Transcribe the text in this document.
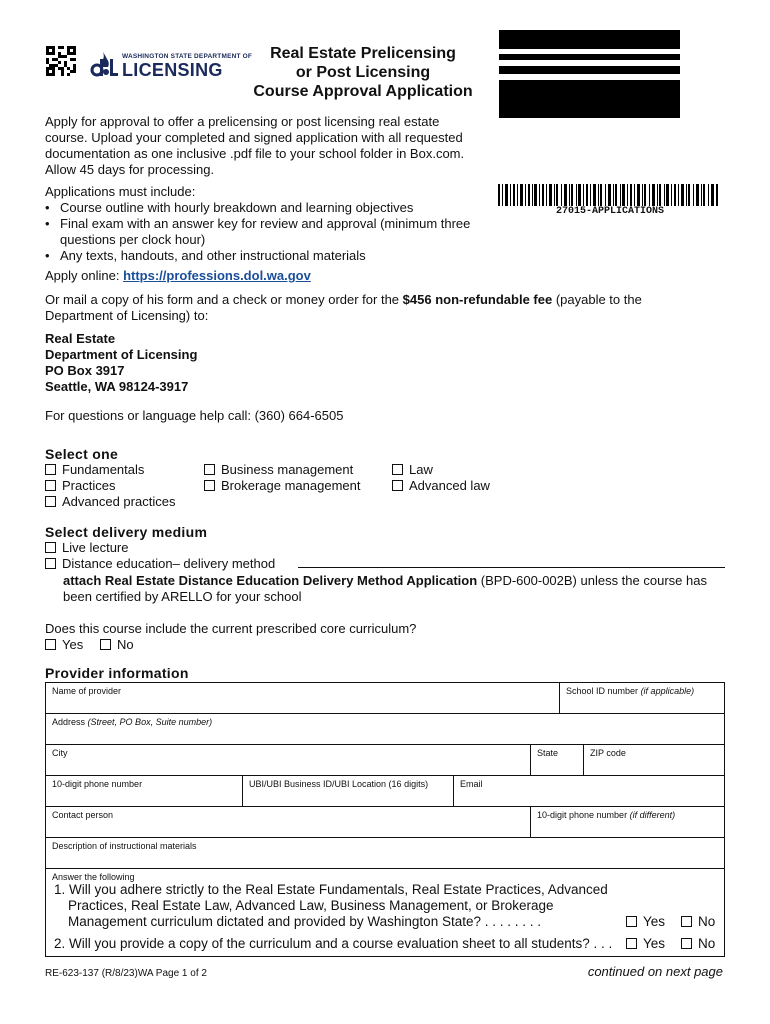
WASHINGTON STATE DEPARTMENT OF
LICENSING
Real Estate Prelicensing
or Post Licensing
Course Approval Application
27015-APPLICATIONS
Apply for approval to offer a prelicensing or post licensing real estate course. Upload your completed and signed application with all requested documentation as one inclusive .pdf file to your school folder in Box.com. Allow 45 days for processing.
Applications must include:
• Course outline with hourly breakdown and learning objectives
• Final exam with an answer key for review and approval (minimum three questions per clock hour)
• Any texts, handouts, and other instructional materials
Apply online: https://professions.dol.wa.gov
Or mail a copy of his form and a check or money order for the $456 non-refundable fee (payable to the Department of Licensing) to:
Real Estate
Department of Licensing
PO Box 3917
Seattle, WA 98124-3917
For questions or language help call: (360) 664-6505
Select one
Fundamentals
Practices
Advanced practices
Business management
Brokerage management
Law
Advanced law
Select delivery medium
Live lecture
Distance education– delivery method
attach Real Estate Distance Education Delivery Method Application (BPD-600-002B) unless the course has been certified by ARELLO for your school
Does this course include the current prescribed core curriculum?
Yes	No
Provider information
Name of provider	School ID number (if applicable)
Address (Street, PO Box, Suite number)
City	State	ZIP code
10-digit phone number	UBI/UBI Business ID/UBI Location (16 digits)	Email
Contact person	10-digit phone number (if different)
Description of instructional materials
Answer the following
1. Will you adhere strictly to the Real Estate Fundamentals, Real Estate Practices, Advanced Practices, Real Estate Law, Advanced Law, Business Management, or Brokerage Management curriculum dictated and provided by Washington State? . . . . . . . .	Yes	No
2. Will you provide a copy of the curriculum and a course evaluation sheet to all students? . . .	Yes	No
RE-623-137 (R/8/23)WA Page 1 of 2	continued on next page
